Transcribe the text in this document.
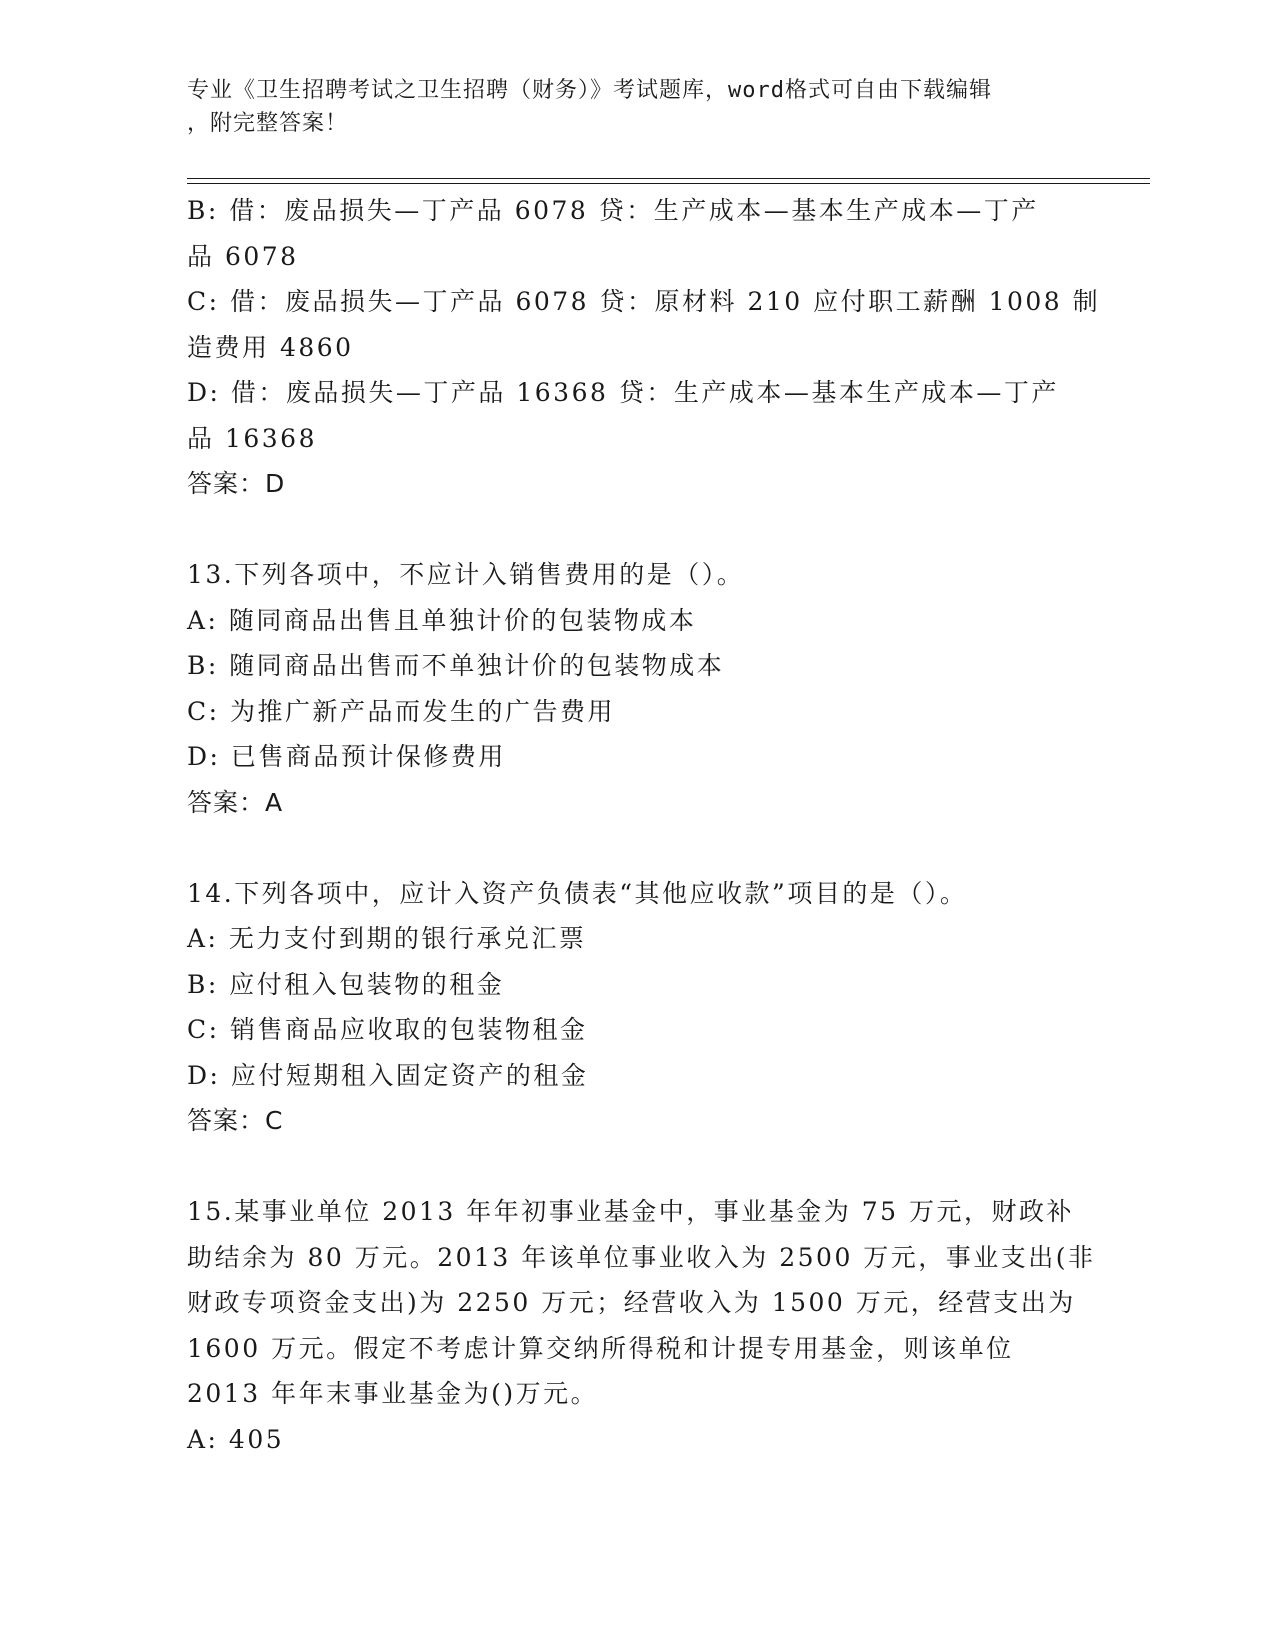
专业《卫生招聘考试之卫生招聘（财务）》考试题库，word格式可自由下载编辑
，附完整答案！
B: 借：废品损失—丁产品 6078 贷：生产成本—基本生产成本—丁产
品 6078
C: 借：废品损失—丁产品 6078 贷：原材料 210 应付职工薪酬 1008 制
造费用 4860
D: 借：废品损失—丁产品 16368 贷：生产成本—基本生产成本—丁产
品 16368
答案：D
13.下列各项中，不应计入销售费用的是（）。
A: 随同商品出售且单独计价的包装物成本
B: 随同商品出售而不单独计价的包装物成本
C: 为推广新产品而发生的广告费用
D: 已售商品预计保修费用
答案：A
14.下列各项中，应计入资产负债表“其他应收款”项目的是（）。
A: 无力支付到期的银行承兑汇票
B: 应付租入包装物的租金
C: 销售商品应收取的包装物租金
D: 应付短期租入固定资产的租金
答案：C
15.某事业单位 2013 年年初事业基金中，事业基金为 75 万元，财政补
助结余为 80 万元。2013 年该单位事业收入为 2500 万元，事业支出(非
财政专项资金支出)为 2250 万元；经营收入为 1500 万元，经营支出为
1600 万元。假定不考虑计算交纳所得税和计提专用基金，则该单位
2013 年年末事业基金为()万元。
A: 405
